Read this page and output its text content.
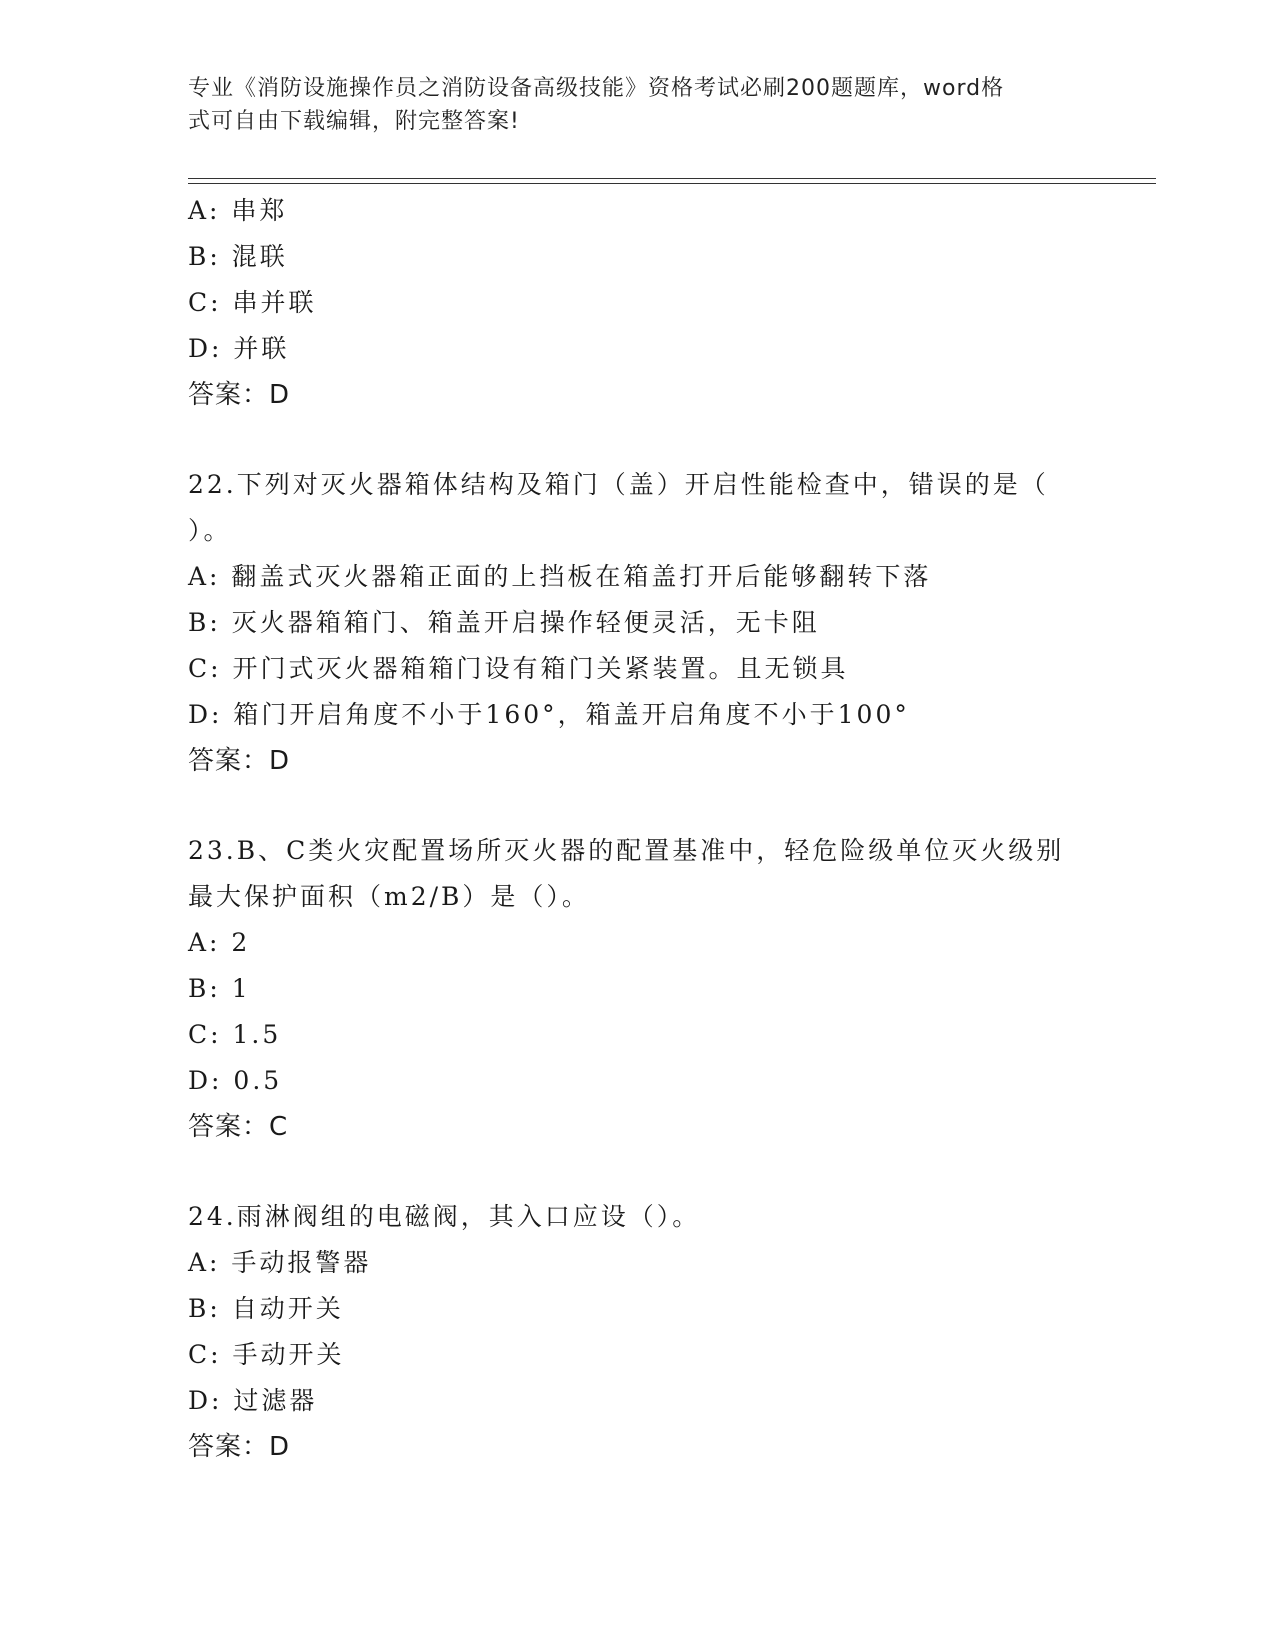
专业《消防设施操作员之消防设备高级技能》资格考试必刷200题题库，word格
式可自由下载编辑，附完整答案!
A: 串郑
B: 混联
C: 串并联
D: 并联
答案：D
22.下列对灭火器箱体结构及箱门（盖）开启性能检查中，错误的是（
）。
A: 翻盖式灭火器箱正面的上挡板在箱盖打开后能够翻转下落
B: 灭火器箱箱门、箱盖开启操作轻便灵活，无卡阻
C: 开门式灭火器箱箱门设有箱门关紧装置。且无锁具
D: 箱门开启角度不小于160°，箱盖开启角度不小于100°
答案：D
23.B、C类火灾配置场所灭火器的配置基准中，轻危险级单位灭火级别
最大保护面积（m2/B）是（）。
A: 2
B: 1
C: 1.5
D: 0.5
答案：C
24.雨淋阀组的电磁阀，其入口应设（）。
A: 手动报警器
B: 自动开关
C: 手动开关
D: 过滤器
答案：D
